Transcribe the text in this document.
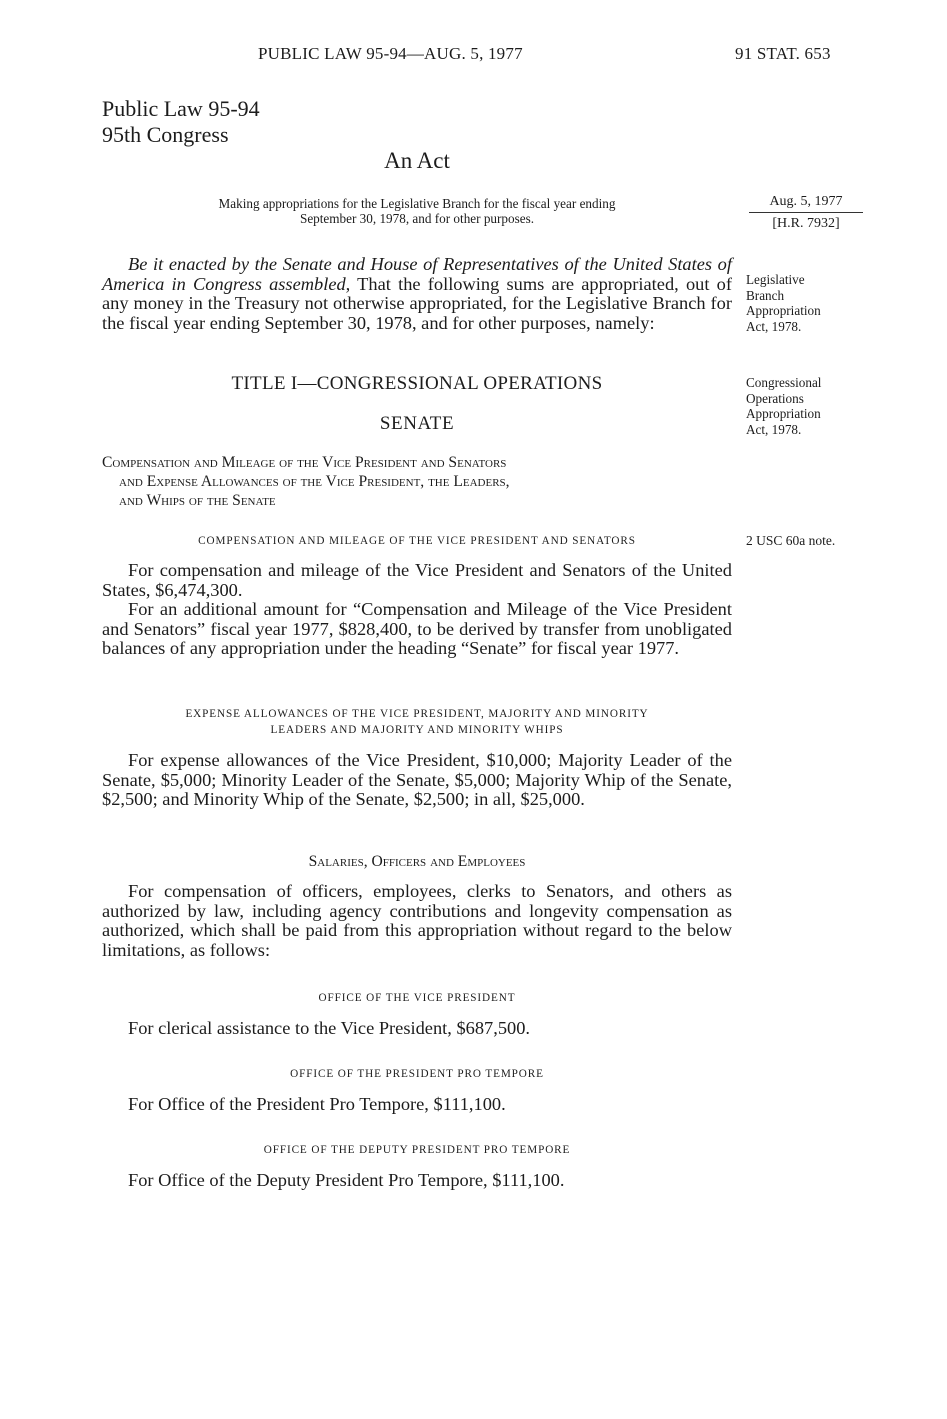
PUBLIC LAW 95-94—AUG. 5, 1977	91 STAT. 653
Public Law 95-94
95th Congress
An Act
Making appropriations for the Legislative Branch for the fiscal year ending
September 30, 1978, and for other purposes.
Aug. 5, 1977
[H.R. 7932]
Be it enacted by the Senate and House of Representatives of the United States of America in Congress assembled, That the following sums are appropriated, out of any money in the Treasury not otherwise appropriated, for the Legislative Branch for the fiscal year ending September 30, 1978, and for other purposes, namely:
Legislative
Branch
Appropriation
Act, 1978.
Congressional
Operations
Appropriation
Act, 1978.
2 USC 60a note.
TITLE I—CONGRESSIONAL OPERATIONS
SENATE
Compensation and Mileage of the Vice President and Senators
and Expense Allowances of the Vice President, the Leaders,
and Whips of the Senate
COMPENSATION AND MILEAGE OF THE VICE PRESIDENT AND SENATORS
For compensation and mileage of the Vice President and Senators of the United States, $6,474,300.
For an additional amount for “Compensation and Mileage of the Vice President and Senators” fiscal year 1977, $828,400, to be derived by transfer from unobligated balances of any appropriation under the heading “Senate” for fiscal year 1977.
EXPENSE ALLOWANCES OF THE VICE PRESIDENT, MAJORITY AND MINORITY
LEADERS AND MAJORITY AND MINORITY WHIPS
For expense allowances of the Vice President, $10,000; Majority Leader of the Senate, $5,000; Minority Leader of the Senate, $5,000; Majority Whip of the Senate, $2,500; and Minority Whip of the Senate, $2,500; in all, $25,000.
Salaries, Officers and Employees
For compensation of officers, employees, clerks to Senators, and others as authorized by law, including agency contributions and longevity compensation as authorized, which shall be paid from this appropriation without regard to the below limitations, as follows:
OFFICE OF THE VICE PRESIDENT
For clerical assistance to the Vice President, $687,500.
OFFICE OF THE PRESIDENT PRO TEMPORE
For Office of the President Pro Tempore, $111,100.
OFFICE OF THE DEPUTY PRESIDENT PRO TEMPORE
For Office of the Deputy President Pro Tempore, $111,100.
